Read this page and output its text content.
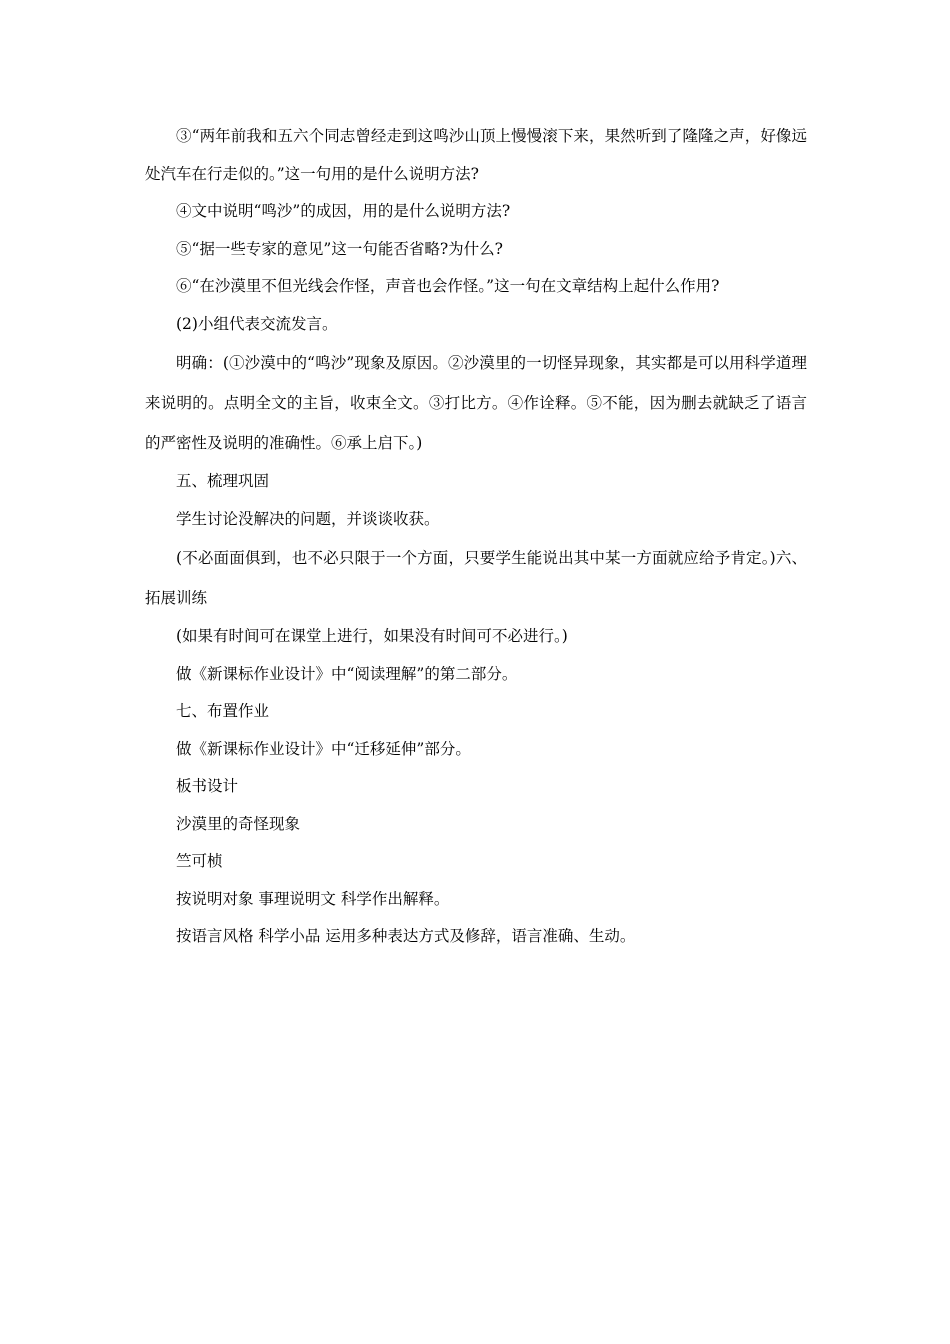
③“两年前我和五六个同志曾经走到这鸣沙山顶上慢慢滚下来，果然听到了隆隆之声，好像远处汽车在行走似的。”这一句用的是什么说明方法?

④文中说明“鸣沙”的成因，用的是什么说明方法?

⑤“据一些专家的意见”这一句能否省略?为什么?

⑥“在沙漠里不但光线会作怪，声音也会作怪。”这一句在文章结构上起什么作用?

(2)小组代表交流发言。

明确：(①沙漠中的“鸣沙”现象及原因。②沙漠里的一切怪异现象，其实都是可以用科学道理来说明的。点明全文的主旨，收束全文。③打比方。④作诠释。⑤不能，因为删去就缺乏了语言的严密性及说明的准确性。⑥承上启下。)

五、梳理巩固

学生讨论没解决的问题，并谈谈收获。

(不必面面俱到，也不必只限于一个方面，只要学生能说出其中某一方面就应给予肯定。)六、拓展训练

(如果有时间可在课堂上进行，如果没有时间可不必进行。)

做《新课标作业设计》中“阅读理解”的第二部分。

七、布置作业

做《新课标作业设计》中“迁移延伸”部分。

板书设计

沙漠里的奇怪现象

竺可桢

按说明对象 事理说明文 科学作出解释。

按语言风格 科学小品 运用多种表达方式及修辞，语言准确、生动。
